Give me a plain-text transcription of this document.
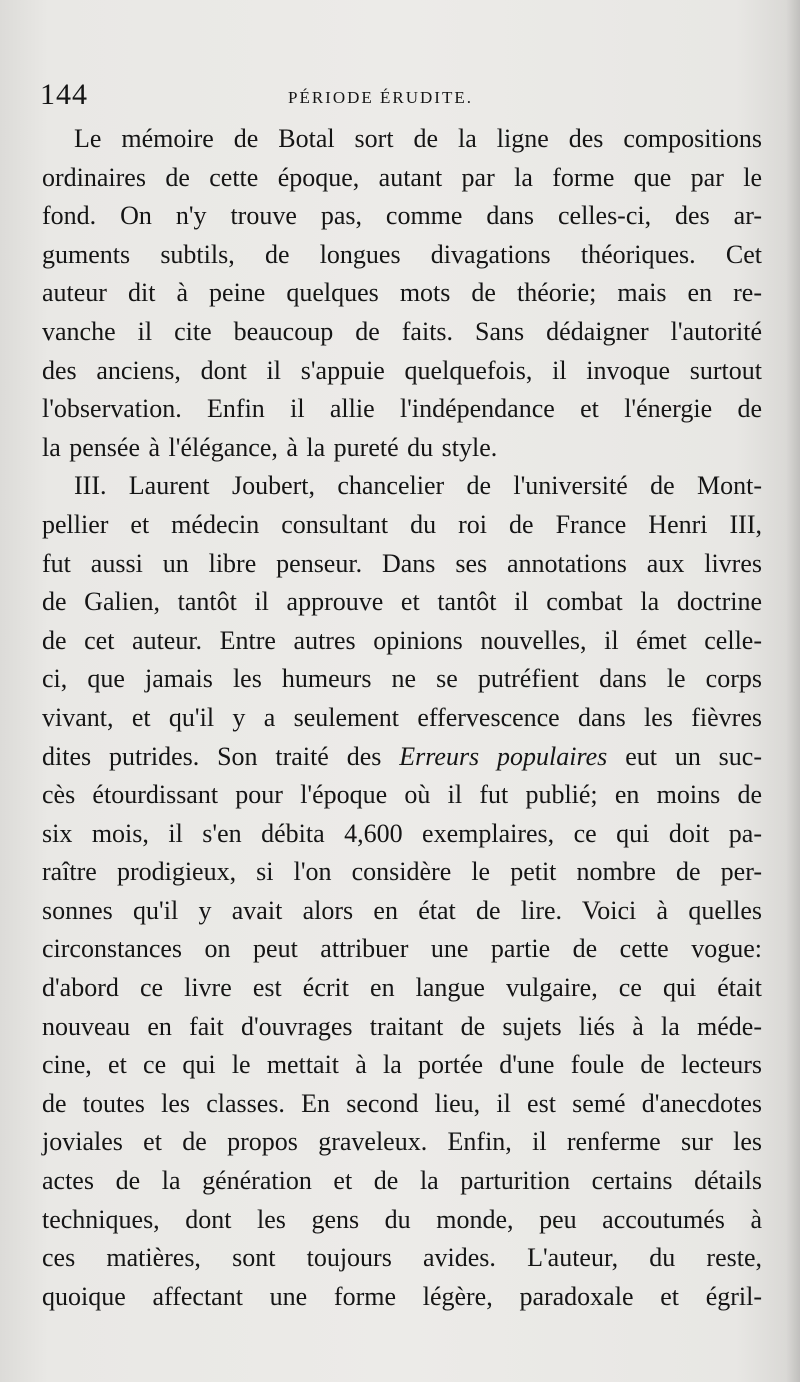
144	PÉRIODE ÉRUDITE.
Le mémoire de Botal sort de la ligne des compositions
ordinaires de cette époque, autant par la forme que par le
fond. On n'y trouve pas, comme dans celles-ci, des ar-
guments subtils, de longues divagations théoriques. Cet
auteur dit à peine quelques mots de théorie; mais en re-
vanche il cite beaucoup de faits. Sans dédaigner l'autorité
des anciens, dont il s'appuie quelquefois, il invoque surtout
l'observation. Enfin il allie l'indépendance et l'énergie de
la pensée à l'élégance, à la pureté du style.
III. Laurent Joubert, chancelier de l'université de Mont-
pellier et médecin consultant du roi de France Henri III,
fut aussi un libre penseur. Dans ses annotations aux livres
de Galien, tantôt il approuve et tantôt il combat la doctrine
de cet auteur. Entre autres opinions nouvelles, il émet celle-
ci, que jamais les humeurs ne se putréfient dans le corps
vivant, et qu'il y a seulement effervescence dans les fièvres
dites putrides. Son traité des Erreurs populaires eut un suc-
cès étourdissant pour l'époque où il fut publié; en moins de
six mois, il s'en débita 4,600 exemplaires, ce qui doit pa-
raître prodigieux, si l'on considère le petit nombre de per-
sonnes qu'il y avait alors en état de lire. Voici à quelles
circonstances on peut attribuer une partie de cette vogue:
d'abord ce livre est écrit en langue vulgaire, ce qui était
nouveau en fait d'ouvrages traitant de sujets liés à la méde-
cine, et ce qui le mettait à la portée d'une foule de lecteurs
de toutes les classes. En second lieu, il est semé d'anecdotes
joviales et de propos graveleux. Enfin, il renferme sur les
actes de la génération et de la parturition certains détails
techniques, dont les gens du monde, peu accoutumés à
ces matières, sont toujours avides. L'auteur, du reste,
quoique affectant une forme légère, paradoxale et égril-
